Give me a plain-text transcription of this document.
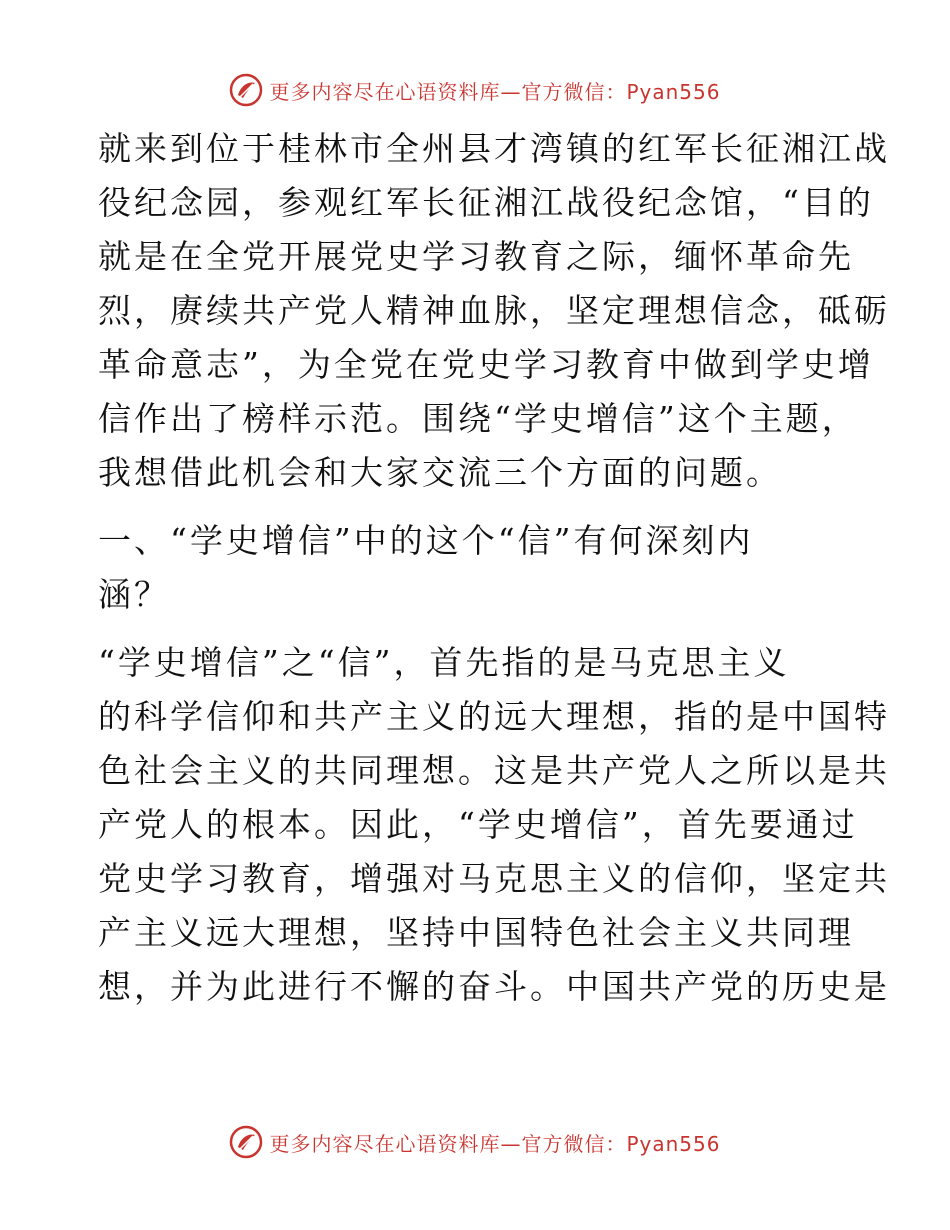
更多内容尽在心语资料库—官方微信：Pyan556
就来到位于桂林市全州县才湾镇的红军长征湘江战
役纪念园，参观红军长征湘江战役纪念馆，“目的
就是在全党开展党史学习教育之际，缅怀革命先
烈，赓续共产党人精神血脉，坚定理想信念，砥砺
革命意志”，为全党在党史学习教育中做到学史增
信作出了榜样示范。围绕“学史增信”这个主题，
我想借此机会和大家交流三个方面的问题。
一、“学史增信”中的这个“信”有何深刻内
涵？
“学史增信”之“信”，首先指的是马克思主义
的科学信仰和共产主义的远大理想，指的是中国特
色社会主义的共同理想。这是共产党人之所以是共
产党人的根本。因此，“学史增信”，首先要通过
党史学习教育，增强对马克思主义的信仰，坚定共
产主义远大理想，坚持中国特色社会主义共同理
想，并为此进行不懈的奋斗。中国共产党的历史是
更多内容尽在心语资料库—官方微信：Pyan556
